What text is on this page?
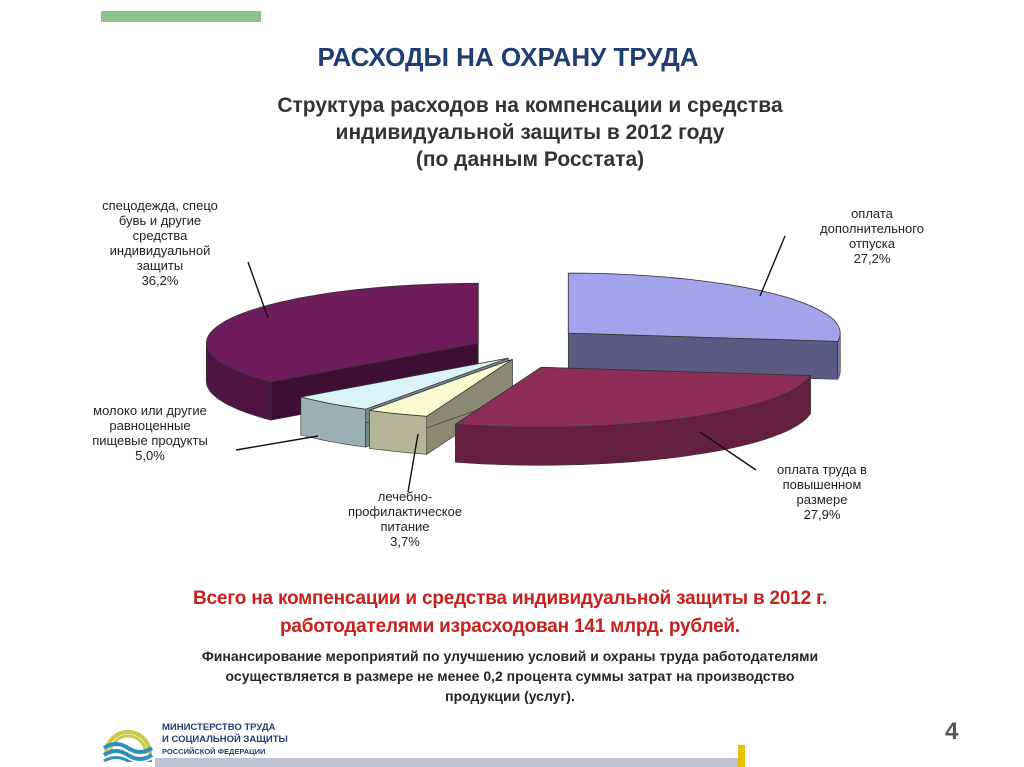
РАСХОДЫ НА ОХРАНУ ТРУДА
Структура расходов на компенсации и средства
индивидуальной защиты в 2012 году
(по данным Росстата)
оплата дополнительного отпуска 27,2%
оплата труда в повышенном размере 27,9%
лечебно-профилактическое питание 3,7%
молоко или другие равноценные пищевые продукты 5,0%
спецодежда, спецо бувь и другие средства индивидуальной защиты 36,2%
Всего на компенсации и средства индивидуальной защиты в 2012 г.
работодателями израсходован 141 млрд. рублей.
Финансирование мероприятий по улучшению условий и охраны труда работодателями
осуществляется в размере не менее 0,2 процента суммы затрат на производство
продукции (услуг).
МИНИСТЕРСТВО ТРУДА
И СОЦИАЛЬНОЙ ЗАЩИТЫ
РОССИЙСКОЙ ФЕДЕРАЦИИ
4
